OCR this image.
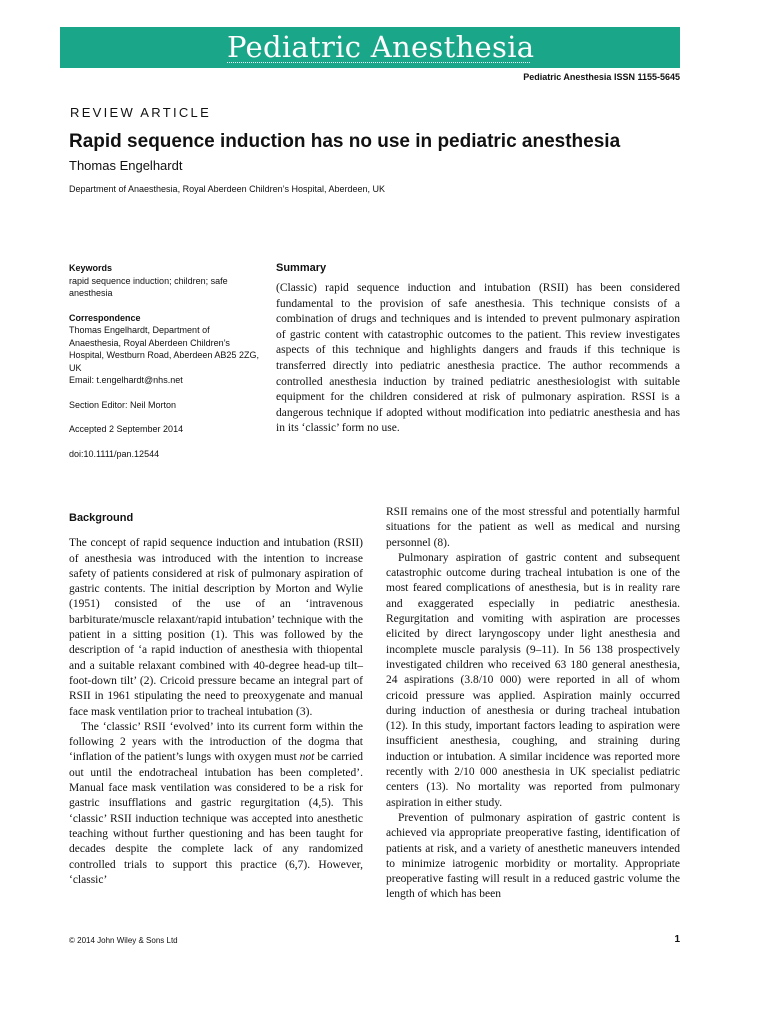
Pediatric Anesthesia
Pediatric Anesthesia ISSN 1155-5645
REVIEW ARTICLE
Rapid sequence induction has no use in pediatric anesthesia
Thomas Engelhardt
Department of Anaesthesia, Royal Aberdeen Children’s Hospital, Aberdeen, UK
Keywords
rapid sequence induction; children; safe anesthesia
Correspondence
Thomas Engelhardt, Department of Anaesthesia, Royal Aberdeen Children’s Hospital, Westburn Road, Aberdeen AB25 2ZG, UK
Email: t.engelhardt@nhs.net
Section Editor: Neil Morton
Accepted 2 September 2014
doi:10.1111/pan.12544
Summary
(Classic) rapid sequence induction and intubation (RSII) has been considered fundamental to the provision of safe anesthesia. This technique consists of a combination of drugs and techniques and is intended to prevent pulmonary aspiration of gastric content with catastrophic outcomes to the patient. This review investigates aspects of this technique and highlights dangers and frauds if this technique is transferred directly into pediatric anesthesia practice. The author recommends a controlled anesthesia induction by trained pediatric anesthesiologist with suitable equipment for the children considered at risk of pulmonary aspiration. RSSI is a dangerous technique if adopted without modification into pediatric anesthesia and has in its ‘classic’ form no use.
Background

The concept of rapid sequence induction and intubation (RSII) of anesthesia was introduced with the intention to increase safety of patients considered at risk of pulmonary aspiration of gastric contents. The initial description by Morton and Wylie (1951) consisted of the use of an ‘intravenous barbiturate/muscle relaxant/rapid intubation’ technique with the patient in a sitting position (1). This was followed by the description of ‘a rapid induction of anesthesia with thiopental and a suitable relaxant combined with 40-degree head-up tilt–foot-down tilt’ (2). Cricoid pressure became an integral part of RSII in 1961 stipulating the need to preoxygenate and manual face mask ventilation prior to tracheal intubation (3).

The ‘classic’ RSII ‘evolved’ into its current form within the following 2 years with the introduction of the dogma that ‘inflation of the patient’s lungs with oxygen must not be carried out until the endotracheal intubation has been completed’. Manual face mask ventilation was considered to be a risk for gastric insufflations and gastric regurgitation (4,5). This ‘classic’ RSII induction technique was accepted into anesthetic teaching without further questioning and has been taught for decades despite the complete lack of any randomized controlled trials to support this practice (6,7). However, ‘classic’

RSII remains one of the most stressful and potentially harmful situations for the patient as well as medical and nursing personnel (8).

Pulmonary aspiration of gastric content and subsequent catastrophic outcome during tracheal intubation is one of the most feared complications of anesthesia, but is in reality rare and exaggerated especially in pediatric anesthesia. Regurgitation and vomiting with aspiration are processes elicited by direct laryngoscopy under light anesthesia and incomplete muscle paralysis (9–11). In 56 138 prospectively investigated children who received 63 180 general anesthesia, 24 aspirations (3.8/10 000) were reported in all of whom cricoid pressure was applied. Aspiration mainly occurred during induction of anesthesia or during tracheal intubation (12). In this study, important factors leading to aspiration were insufficient anesthesia, coughing, and straining during induction or intubation. A similar incidence was reported more recently with 2/10 000 anesthesia in UK specialist pediatric centers (13). No mortality was reported from pulmonary aspiration in either study.

Prevention of pulmonary aspiration of gastric content is achieved via appropriate preoperative fasting, identification of patients at risk, and a variety of anesthetic maneuvers intended to minimize iatrogenic morbidity or mortality. Appropriate preoperative fasting will result in a reduced gastric volume the length of which has been

© 2014 John Wiley & Sons Ltd	1
